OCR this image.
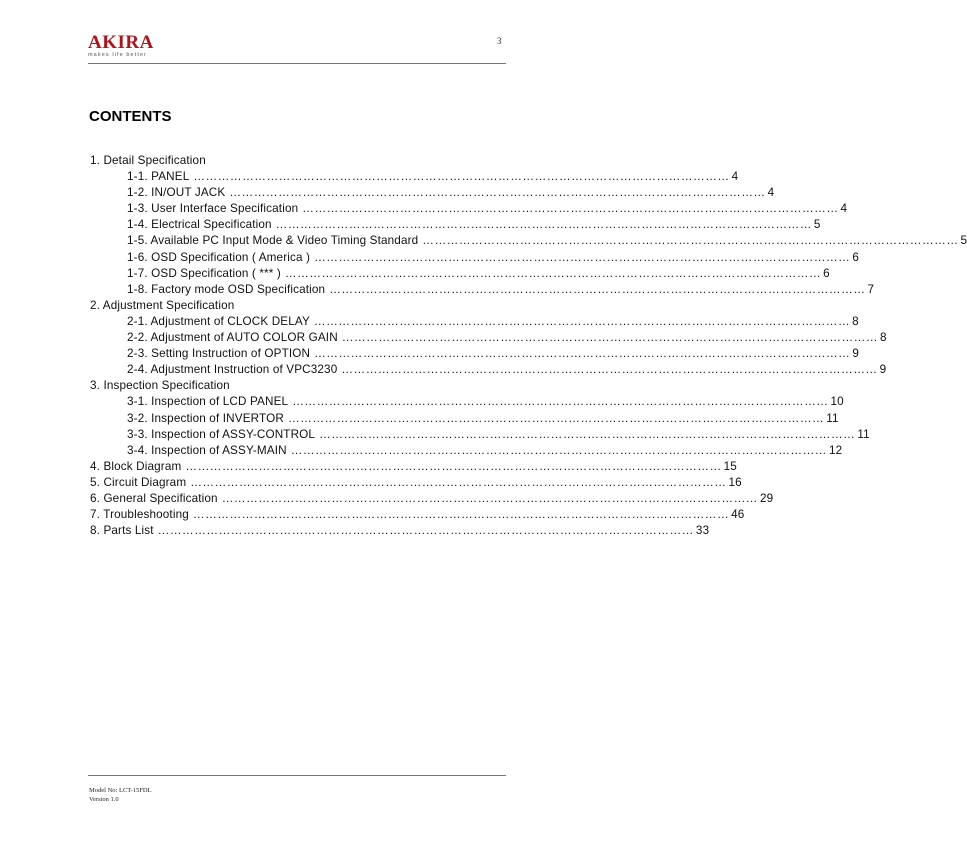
AKIRA
makes life better
3
CONTENTS
1. Detail Specification
1-1. PANEL …………………………………………………………………………………………………………………… 4
1-2. IN/OUT JACK …………………………………………………………………………………………………………………… 4
1-3. User Interface Specification …………………………………………………………………………………………………………………… 4
1-4. Electrical Specification …………………………………………………………………………………………………………………… 5
1-5. Available PC Input Mode & Video Timing Standard …………………………………………………………………………………………………………………… 5
1-6. OSD Specification ( America ) …………………………………………………………………………………………………………………… 6
1-7. OSD Specification ( *** ) …………………………………………………………………………………………………………………… 6
1-8. Factory mode OSD Specification …………………………………………………………………………………………………………………… 7
2. Adjustment Specification
2-1. Adjustment of CLOCK DELAY …………………………………………………………………………………………………………………… 8
2-2. Adjustment of AUTO COLOR GAIN …………………………………………………………………………………………………………………… 8
2-3. Setting Instruction of OPTION …………………………………………………………………………………………………………………… 9
2-4. Adjustment Instruction of VPC3230 …………………………………………………………………………………………………………………… 9
3. Inspection Specification
3-1. Inspection of LCD PANEL …………………………………………………………………………………………………………………… 10
3-2. Inspection of INVERTOR …………………………………………………………………………………………………………………… 11
3-3. Inspection of ASSY-CONTROL …………………………………………………………………………………………………………………… 11
3-4. Inspection of ASSY-MAIN …………………………………………………………………………………………………………………… 12
4. Block Diagram …………………………………………………………………………………………………………………… 15
5. Circuit Diagram …………………………………………………………………………………………………………………… 16
6. General Specification …………………………………………………………………………………………………………………… 29
7. Troubleshooting …………………………………………………………………………………………………………………… 46
8. Parts List …………………………………………………………………………………………………………………… 33
Model No: LCT-15FDL
Version 1.0
